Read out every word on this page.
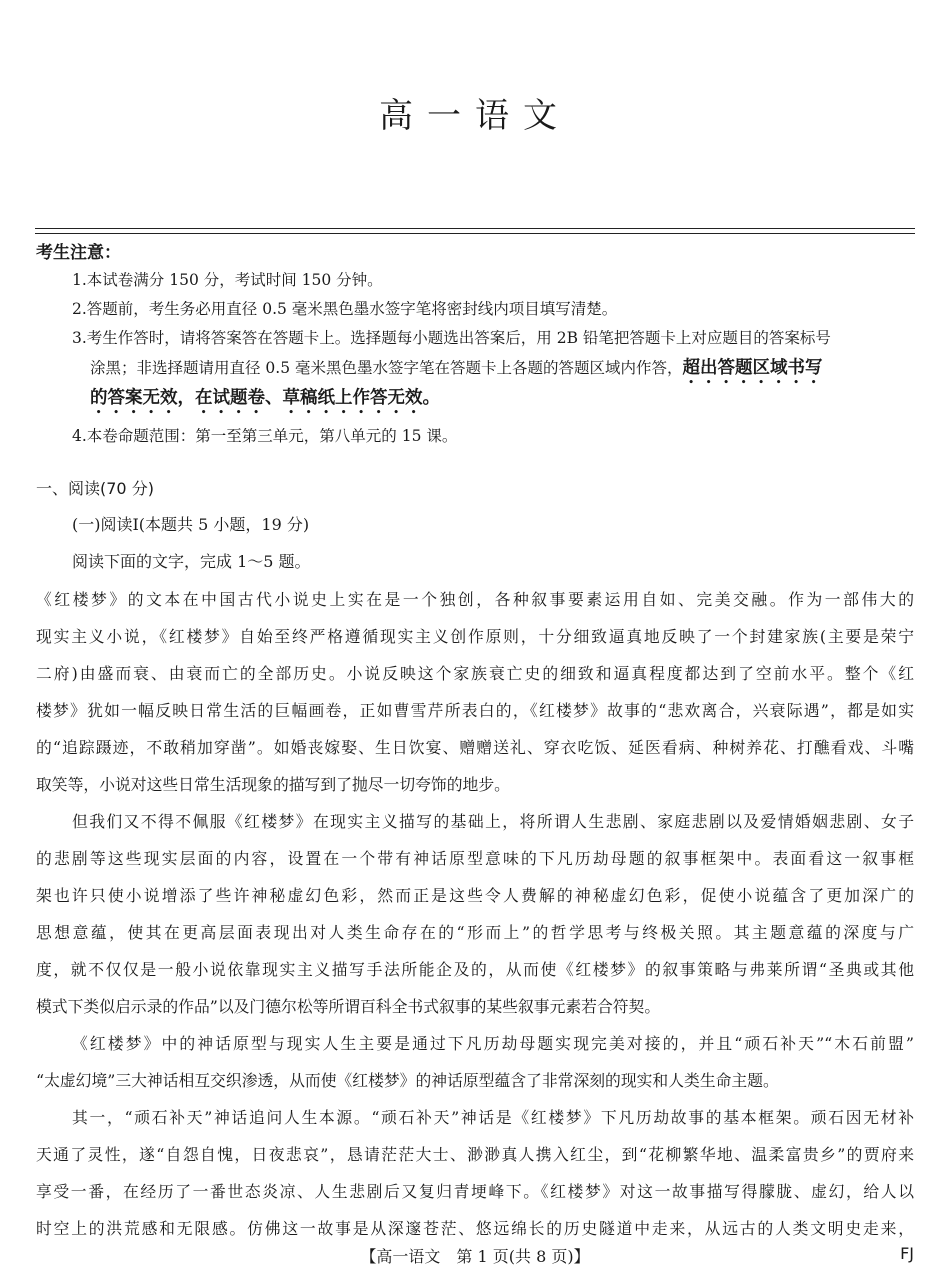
高一语文
考生注意：
1.本试卷满分 150 分，考试时间 150 分钟。
2.答题前，考生务必用直径 0.5 毫米黑色墨水签字笔将密封线内项目填写清楚。
3.考生作答时，请将答案答在答题卡上。选择题每小题选出答案后，用 2B 铅笔把答题卡上对应题目的答案标号
涂黑；非选择题请用直径 0.5 毫米黑色墨水签字笔在答题卡上各题的答题区域内作答，超出答题区域书写
的答案无效，在试题卷、草稿纸上作答无效。
4.本卷命题范围：第一至第三单元，第八单元的 15 课。
一、阅读(70 分)
(一)阅读Ⅰ(本题共 5 小题，19 分)
阅读下面的文字，完成 1～5 题。
《红楼梦》的文本在中国古代小说史上实在是一个独创，各种叙事要素运用自如、完美交融。作为一部伟大的
现实主义小说，《红楼梦》自始至终严格遵循现实主义创作原则，十分细致逼真地反映了一个封建家族(主要是荣宁
二府)由盛而衰、由衰而亡的全部历史。小说反映这个家族衰亡史的细致和逼真程度都达到了空前水平。整个《红
楼梦》犹如一幅反映日常生活的巨幅画卷，正如曹雪芹所表白的，《红楼梦》故事的“悲欢离合，兴衰际遇”，都是如实
的“追踪蹑迹，不敢稍加穿凿”。如婚丧嫁娶、生日饮宴、赠赠送礼、穿衣吃饭、延医看病、种树养花、打醮看戏、斗嘴
取笑等，小说对这些日常生活现象的描写到了抛尽一切夸饰的地步。
但我们又不得不佩服《红楼梦》在现实主义描写的基础上，将所谓人生悲剧、家庭悲剧以及爱情婚姻悲剧、女子
的悲剧等这些现实层面的内容，设置在一个带有神话原型意味的下凡历劫母题的叙事框架中。表面看这一叙事框
架也许只使小说增添了些许神秘虚幻色彩，然而正是这些令人费解的神秘虚幻色彩，促使小说蕴含了更加深广的
思想意蕴，使其在更高层面表现出对人类生命存在的“形而上”的哲学思考与终极关照。其主题意蕴的深度与广
度，就不仅仅是一般小说依靠现实主义描写手法所能企及的，从而使《红楼梦》的叙事策略与弗莱所谓“圣典或其他
模式下类似启示录的作品”以及门德尔松等所谓百科全书式叙事的某些叙事元素若合符契。
《红楼梦》中的神话原型与现实人生主要是通过下凡历劫母题实现完美对接的，并且“顽石补天”“木石前盟”
“太虚幻境”三大神话相互交织渗透，从而使《红楼梦》的神话原型蕴含了非常深刻的现实和人类生命主题。
其一，“顽石补天”神话追问人生本源。“顽石补天”神话是《红楼梦》下凡历劫故事的基本框架。顽石因无材补
天通了灵性，遂“自怨自愧，日夜悲哀”，恳请茫茫大士、渺渺真人携入红尘，到“花柳繁华地、温柔富贵乡”的贾府来
享受一番，在经历了一番世态炎凉、人生悲剧后又复归青埂峰下。《红楼梦》对这一故事描写得朦胧、虚幻，给人以
时空上的洪荒感和无限感。仿佛这一故事是从深邃苍茫、悠远绵长的历史隧道中走来，从远古的人类文明史走来，
【高一语文　第 1 页(共 8 页)】	FJ
